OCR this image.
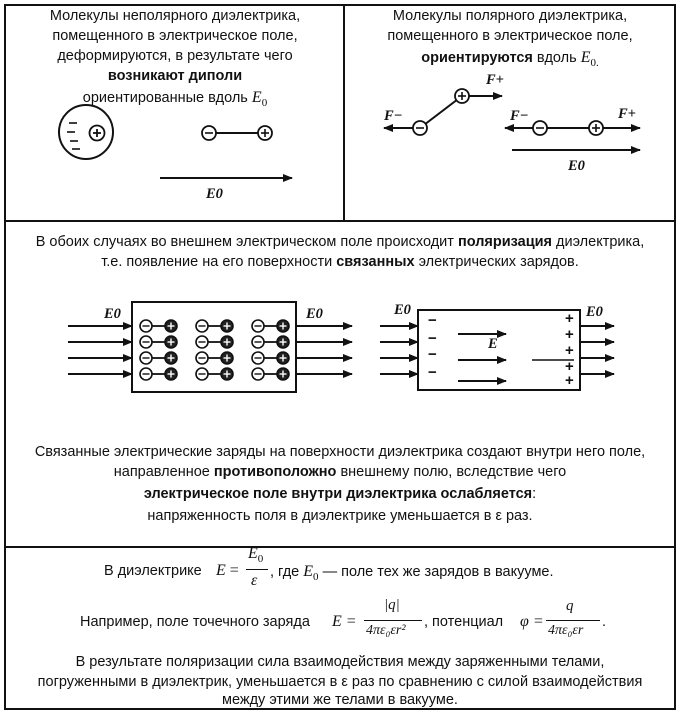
Молекулы неполярного диэлектрика,
помещенного в электрическое поле,
деформируются, в результате чего
возникают диполи
ориентированные вдоль $E_0$
Молекулы полярного диэлектрика,
помещенного в электрическое поле,
ориентируются вдоль $E_{0.}$
F+
F−	F−	F+
E0
E0
В обоих случаях во внешнем электрическом поле происходит поляризация диэлектрика,
т.е. появление на его поверхности связанных электрических зарядов.
E0	E0	E0	E0
E
−
−
−
−
+
+
+
+
+
Связанные электрические заряды на поверхности диэлектрика создают внутри него поле,
направленное противоположно внешнему полю, вследствие чего
электрическое поле внутри диэлектрика ослабляется:
напряженность поля в диэлектрике уменьшается в ε раз.
В диэлектрике E =
$E_0$
ε , где $E_0$ — поле тех же зарядов в вакууме.
Например, поле точечного заряда E =
|q|
4πε₀εr²
, потенциал φ =
q
4πε₀εr
.
В результате поляризации сила взаимодействия между заряженными телами,
погруженными в диэлектрик, уменьшается в ε раз по сравнению с силой взаимодействия
между этими же телами в вакууме.
